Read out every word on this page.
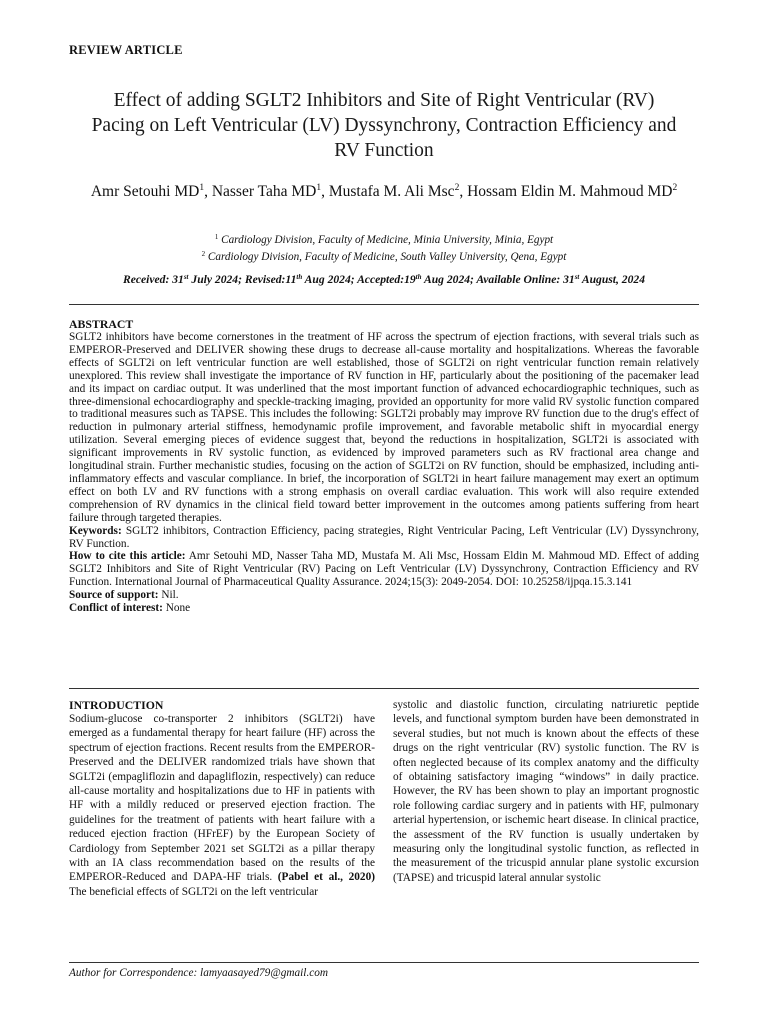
REVIEW ARTICLE
Effect of adding SGLT2 Inhibitors and Site of Right Ventricular (RV)
Pacing on Left Ventricular (LV) Dyssynchrony, Contraction Efficiency and
RV Function
Amr Setouhi $MD^1$, Nasser Taha $MD^1$, Mustafa M. Ali Msc$^2$, Hossam Eldin M. Mahmoud $MD^2$
$^1$ Cardiology Division, Faculty of Medicine, Minia University, Minia, Egypt
$^2$ Cardiology Division, Faculty of Medicine, South Valley University, Qena, Egypt
Received: 31st July 2024; Revised:11th Aug 2024; Accepted:19th Aug 2024; Available Online: 31st August, 2024
ABSTRACT

SGLT2 inhibitors have become cornerstones in the treatment of HF across the spectrum of ejection fractions, with several trials such as EMPEROR-Preserved and DELIVER showing these drugs to decrease all-cause mortality and hospitalizations. Whereas the favorable effects of SGLT2i on left ventricular function are well established, those of SGLT2i on right ventricular function remain relatively unexplored. This review shall investigate the importance of RV function in HF, particularly about the positioning of the pacemaker lead and its impact on cardiac output. It was underlined that the most important function of advanced echocardiographic techniques, such as three-dimensional echocardiography and speckle-tracking imaging, provided an opportunity for more valid RV systolic function compared to traditional measures such as TAPSE. This includes the following: SGLT2i probably may improve RV function due to the drug's effect of reduction in pulmonary arterial stiffness, hemodynamic profile improvement, and favorable metabolic shift in myocardial energy utilization. Several emerging pieces of evidence suggest that, beyond the reductions in hospitalization, SGLT2i is associated with significant improvements in RV systolic function, as evidenced by improved parameters such as RV fractional area change and longitudinal strain. Further mechanistic studies, focusing on the action of SGLT2i on RV function, should be emphasized, including anti-inflammatory effects and vascular compliance. In brief, the incorporation of SGLT2i in heart failure management may exert an optimum effect on both LV and RV functions with a strong emphasis on overall cardiac evaluation. This work will also require extended comprehension of RV dynamics in the clinical field toward better improvement in the outcomes among patients suffering from heart failure through targeted therapies.

Keywords: SGLT2 inhibitors, Contraction Efficiency, pacing strategies, Right Ventricular Pacing, Left Ventricular (LV) Dyssynchrony, RV Function.

How to cite this article: Amr Setouhi MD, Nasser Taha MD, Mustafa M. Ali Msc, Hossam Eldin M. Mahmoud MD. Effect of adding SGLT2 Inhibitors and Site of Right Ventricular (RV) Pacing on Left Ventricular (LV) Dyssynchrony, Contraction Efficiency and RV Function. International Journal of Pharmaceutical Quality Assurance. 2024;15(3): 2049-2054. DOI: 10.25258/ijpqa.15.3.141

Source of support: Nil.

Conflict of interest: None

INTRODUCTION
Sodium-glucose co-transporter 2 inhibitors (SGLT2i) have emerged as a fundamental therapy for heart failure (HF) across the spectrum of ejection fractions. Recent results from the EMPEROR-Preserved and the DELIVER randomized trials have shown that SGLT2i (empagliflozin and dapagliflozin, respectively) can reduce all-cause mortality and hospitalizations due to HF in patients with HF with a mildly reduced or preserved ejection fraction. The guidelines for the treatment of patients with heart failure with a reduced ejection fraction (HFrEF) by the European Society of Cardiology from September 2021 set SGLT2i as a pillar therapy with an IA class recommendation based on the results of the EMPEROR-Reduced and DAPA-HF trials. (Pabel et al., 2020) The beneficial effects of SGLT2i on the left ventricular
systolic and diastolic function, circulating natriuretic peptide levels, and functional symptom burden have been demonstrated in several studies, but not much is known about the effects of these drugs on the right ventricular (RV) systolic function. The RV is often neglected because of its complex anatomy and the difficulty of obtaining satisfactory imaging “windows” in daily practice. However, the RV has been shown to play an important prognostic role following cardiac surgery and in patients with HF, pulmonary arterial hypertension, or ischemic heart disease. In clinical practice, the assessment of the RV function is usually undertaken by measuring only the longitudinal systolic function, as reflected in the measurement of the tricuspid annular plane systolic excursion (TAPSE) and tricuspid lateral annular systolic
Author for Correspondence: lamyaasayed79@gmail.com
